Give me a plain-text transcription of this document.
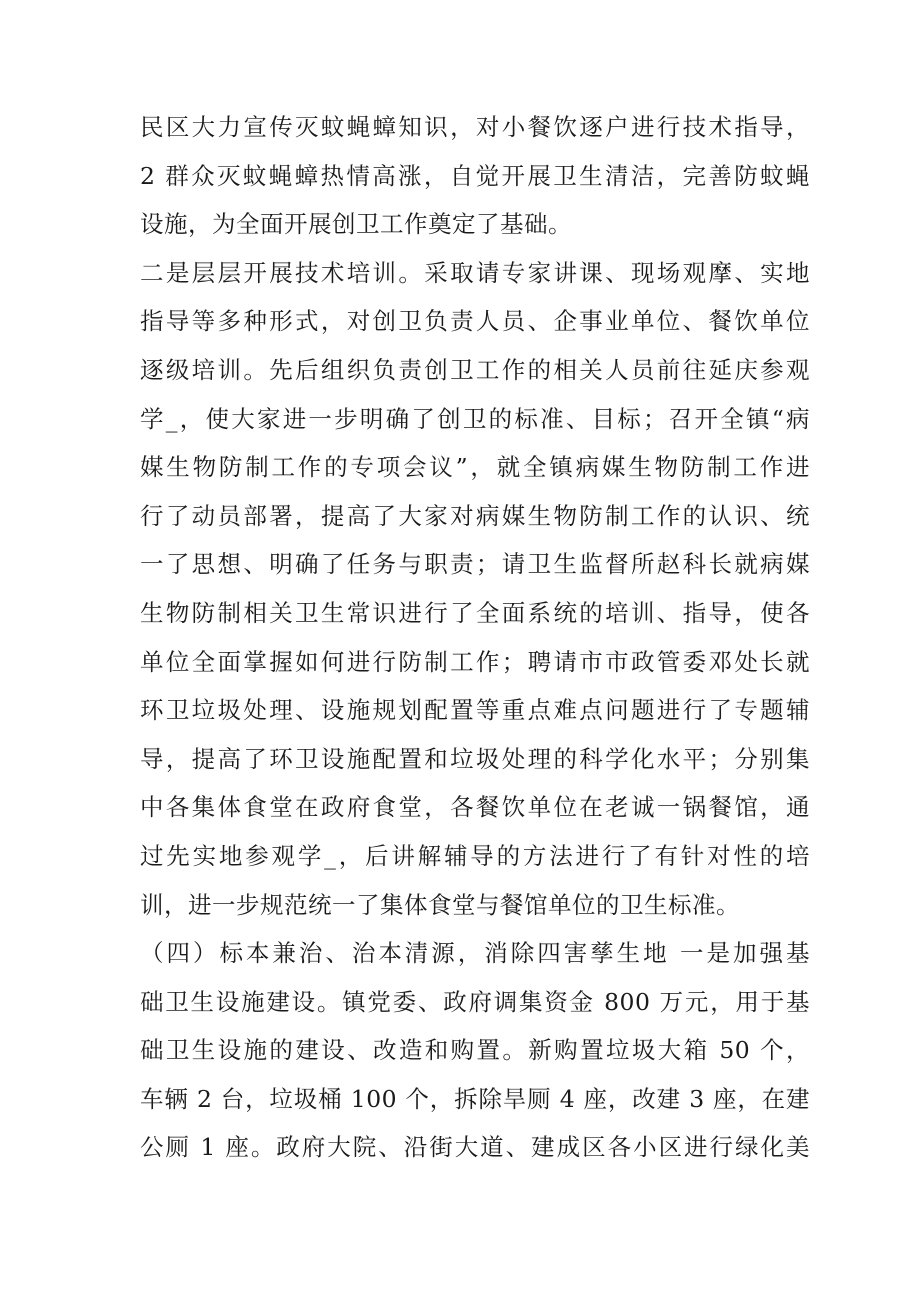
民区大力宣传灭蚊蝇蟑知识，对小餐饮逐户进行技术指导，
2 群众灭蚊蝇蟑热情高涨，自觉开展卫生清洁，完善防蚊蝇
设施，为全面开展创卫工作奠定了基础。
二是层层开展技术培训。采取请专家讲课、现场观摩、实地
指导等多种形式，对创卫负责人员、企事业单位、餐饮单位
逐级培训。先后组织负责创卫工作的相关人员前往延庆参观
学_，使大家进一步明确了创卫的标准、目标；召开全镇“病
媒生物防制工作的专项会议”，就全镇病媒生物防制工作进
行了动员部署，提高了大家对病媒生物防制工作的认识、统
一了思想、明确了任务与职责；请卫生监督所赵科长就病媒
生物防制相关卫生常识进行了全面系统的培训、指导，使各
单位全面掌握如何进行防制工作；聘请市市政管委邓处长就
环卫垃圾处理、设施规划配置等重点难点问题进行了专题辅
导，提高了环卫设施配置和垃圾处理的科学化水平；分别集
中各集体食堂在政府食堂，各餐饮单位在老诚一锅餐馆，通
过先实地参观学_，后讲解辅导的方法进行了有针对性的培
训，进一步规范统一了集体食堂与餐馆单位的卫生标准。
（四）标本兼治、治本清源，消除四害孳生地 一是加强基
础卫生设施建设。镇党委、政府调集资金 800 万元，用于基
础卫生设施的建设、改造和购置。新购置垃圾大箱 50 个，
车辆 2 台，垃圾桶 100 个，拆除旱厕 4 座，改建 3 座，在建
公厕 1 座。政府大院、沿街大道、建成区各小区进行绿化美
